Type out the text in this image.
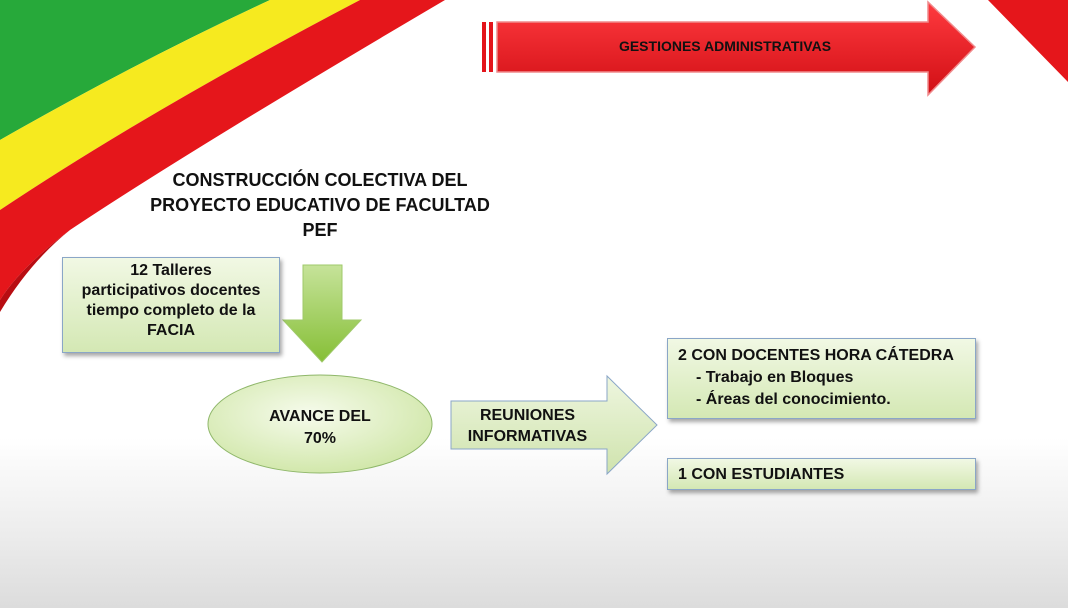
GESTIONES ADMINISTRATIVAS
CONSTRUCCIÓN COLECTIVA DEL
PROYECTO EDUCATIVO DE FACULTAD
PEF
12 Talleres
participativos docentes
tiempo completo de la
FACIA
AVANCE DEL
70%
REUNIONES
INFORMATIVAS
2 CON DOCENTES HORA CÁTEDRA
- Trabajo en Bloques
- Áreas del conocimiento.
1 CON ESTUDIANTES
